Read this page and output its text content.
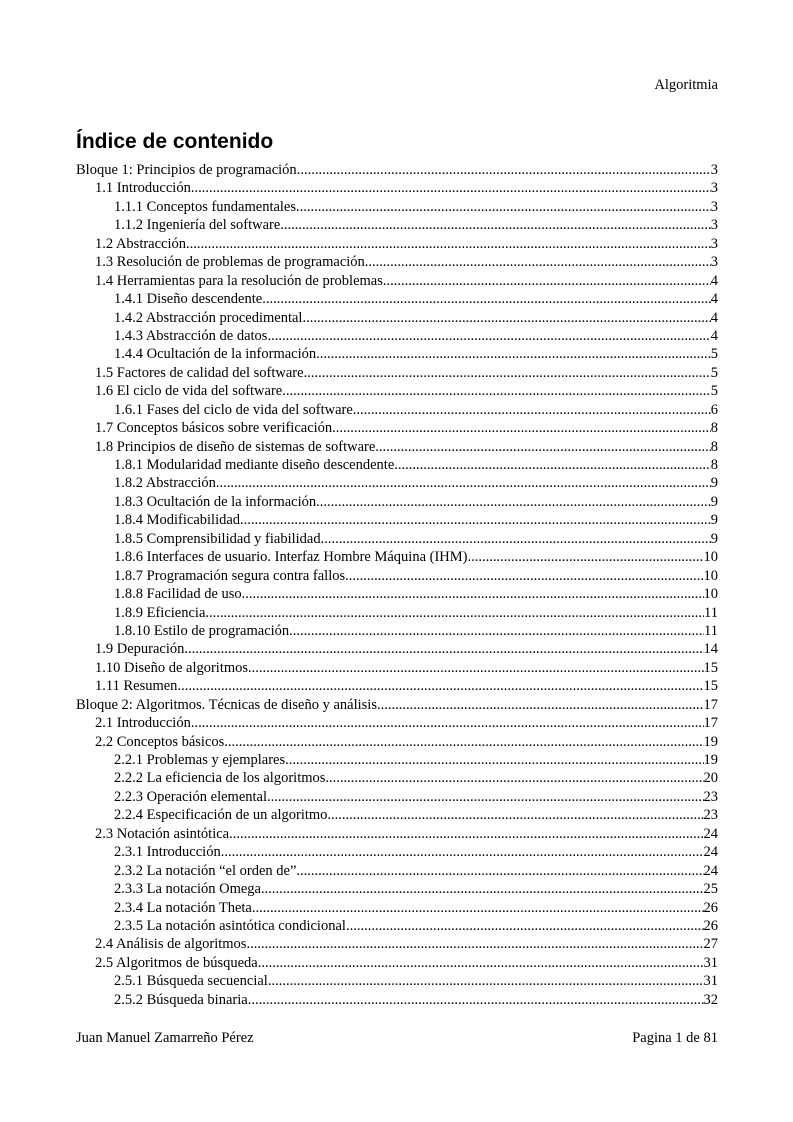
Algoritmia
Índice de contenido
Bloque 1: Principios de programación .....	3
1.1 Introducción .....	3
1.1.1 Conceptos fundamentales .....	3
1.1.2 Ingeniería del software .....	3
1.2 Abstracción .....	3
1.3 Resolución de problemas de programación .....	3
1.4 Herramientas para la resolución de problemas .....	4
1.4.1 Diseño descendente .....	4
1.4.2 Abstracción procedimental .....	4
1.4.3 Abstracción de datos .....	4
1.4.4 Ocultación de la información .....	5
1.5 Factores de calidad del software .....	5
1.6 El ciclo de vida del software .....	5
1.6.1 Fases del ciclo de vida del software .....	6
1.7 Conceptos básicos sobre verificación .....	8
1.8 Principios de diseño de sistemas de software .....	8
1.8.1 Modularidad mediante diseño descendente .....	8
1.8.2 Abstracción .....	9
1.8.3 Ocultación de la información .....	9
1.8.4 Modificabilidad .....	9
1.8.5 Comprensibilidad y fiabilidad .....	9
1.8.6 Interfaces de usuario. Interfaz Hombre Máquina (IHM) .....	10
1.8.7 Programación segura contra fallos .....	10
1.8.8 Facilidad de uso .....	10
1.8.9 Eficiencia .....	11
1.8.10 Estilo de programación .....	11
1.9 Depuración .....	14
1.10 Diseño de algoritmos .....	15
1.11 Resumen .....	15
Bloque 2: Algoritmos. Técnicas de diseño y análisis .....	17
2.1 Introducción .....	17
2.2 Conceptos básicos .....	19
2.2.1 Problemas y ejemplares .....	19
2.2.2 La eficiencia de los algoritmos .....	20
2.2.3 Operación elemental .....	23
2.2.4 Especificación de un algoritmo .....	23
2.3 Notación asintótica .....	24
2.3.1 Introducción .....	24
2.3.2 La notación “el orden de” .....	24
2.3.3 La notación Omega .....	25
2.3.4 La notación Theta .....	26
2.3.5 La notación asintótica condicional .....	26
2.4 Análisis de algoritmos .....	27
2.5 Algoritmos de búsqueda .....	31
2.5.1 Búsqueda secuencial .....	31
2.5.2 Búsqueda binaria .....	32
Juan Manuel Zamarreño Pérez	Pagina 1 de 81
